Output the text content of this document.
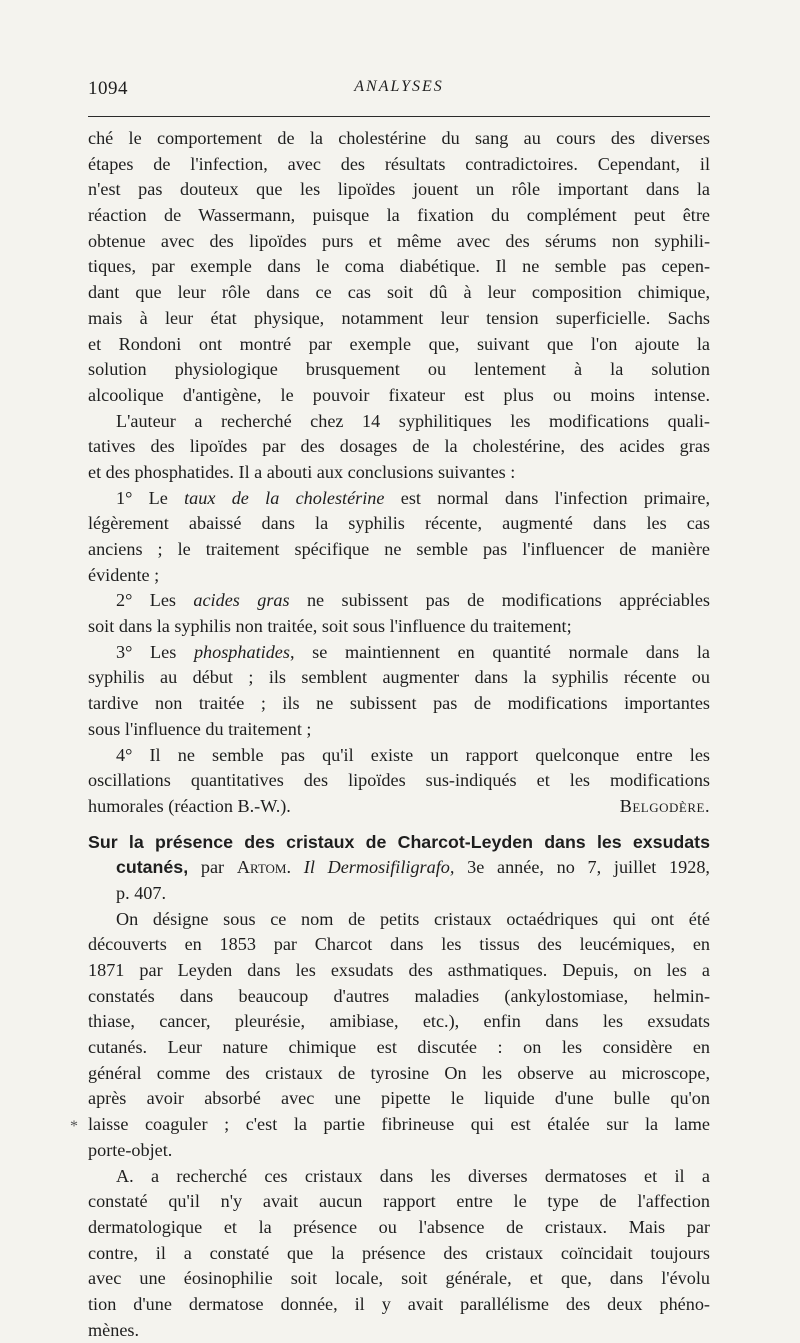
1094	ANALYSES
*
ché le comportement de la cholestérine du sang au cours des diverses
étapes de l'infection, avec des résultats contradictoires. Cependant, il
n'est pas douteux que les lipoïdes jouent un rôle important dans la
réaction de Wassermann, puisque la fixation du complément peut être
obtenue avec des lipoïdes purs et même avec des sérums non syphili-
tiques, par exemple dans le coma diabétique. Il ne semble pas cepen-
dant que leur rôle dans ce cas soit dû à leur composition chimique,
mais à leur état physique, notamment leur tension superficielle. Sachs
et Rondoni ont montré par exemple que, suivant que l'on ajoute la
solution physiologique brusquement ou lentement à la solution
alcoolique d'antigène, le pouvoir fixateur est plus ou moins intense.
L'auteur a recherché chez 14 syphilitiques les modifications quali-
tatives des lipoïdes par des dosages de la cholestérine, des acides gras
et des phosphatides. Il a abouti aux conclusions suivantes :
1° Le taux de la cholestérine est normal dans l'infection primaire,
légèrement abaissé dans la syphilis récente, augmenté dans les cas
anciens ; le traitement spécifique ne semble pas l'influencer de manière
évidente ;
2° Les acides gras ne subissent pas de modifications appréciables
soit dans la syphilis non traitée, soit sous l'influence du traitement;
3° Les phosphatides, se maintiennent en quantité normale dans la
syphilis au début ; ils semblent augmenter dans la syphilis récente ou
tardive non traitée ; ils ne subissent pas de modifications importantes
sous l'influence du traitement ;
4° Il ne semble pas qu'il existe un rapport quelconque entre les
oscillations quantitatives des lipoïdes sus-indiqués et les modifications
humorales (réaction B.-W.).	Belgodère.
Sur la présence des cristaux de Charcot-Leyden dans les exsudats
cutanés, par Artom. Il Dermosifiligrafo, 3e année, no 7, juillet 1928,
p. 407.
On désigne sous ce nom de petits cristaux octaédriques qui ont été
découverts en 1853 par Charcot dans les tissus des leucémiques, en
1871 par Leyden dans les exsudats des asthmatiques. Depuis, on les a
constatés dans beaucoup d'autres maladies (ankylostomiase, helmin-
thiase, cancer, pleurésie, amibiase, etc.), enfin dans les exsudats
cutanés. Leur nature chimique est discutée : on les considère en
général comme des cristaux de tyrosine On les observe au microscope,
après avoir absorbé avec une pipette le liquide d'une bulle qu'on
laisse coaguler ; c'est la partie fibrineuse qui est étalée sur la lame
porte-objet.
A. a recherché ces cristaux dans les diverses dermatoses et il a
constaté qu'il n'y avait aucun rapport entre le type de l'affection
dermatologique et la présence ou l'absence de cristaux. Mais par
contre, il a constaté que la présence des cristaux coïncidait toujours
avec une éosinophilie soit locale, soit générale, et que, dans l'évolu
tion d'une dermatose donnée, il y avait parallélisme des deux phéno-
mènes.
